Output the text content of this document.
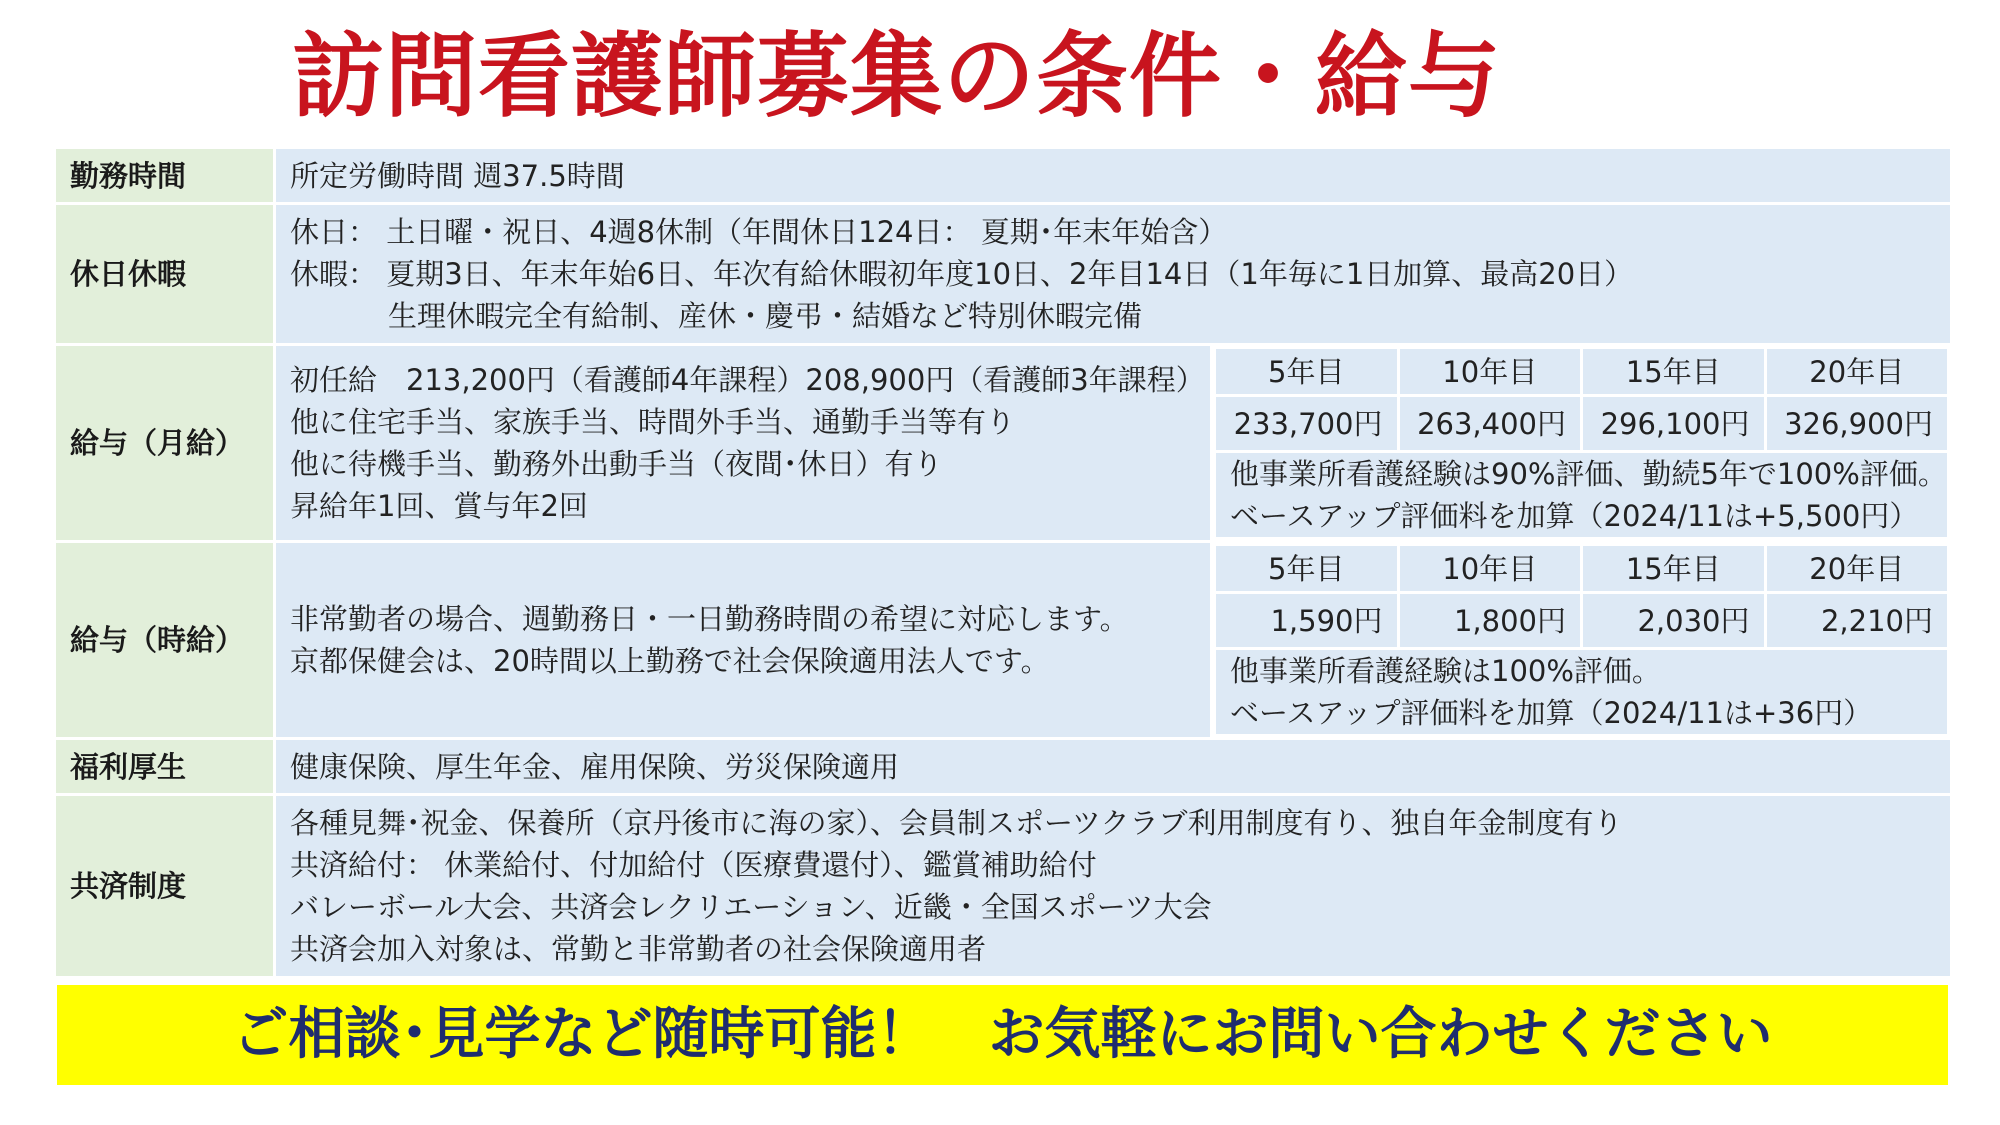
訪問看護師募集の条件・給与
勤務時間	所定労働時間 週37.5時間
休日休暇	
休日： 土日曜・祝日、4週8休制（年間休日124日： 夏期･年末年始含）
休暇： 夏期3日、年末年始6日、年次有給休暇初年度10日、2年目14日（1年毎に1日加算、最高20日）
生理休暇完全有給制、産休・慶弔・結婚など特別休暇完備

給与（月給）	
初任給　213,200円（看護師4年課程）208,900円（看護師3年課程）
他に住宅手当、家族手当、時間外手当、通勤手当等有り
他に待機手当、勤務外出動手当（夜間･休日）有り
昇給年1回、賞与年2回

5年目	10年目	15年目	20年目
233,700円	263,400円	296,100円	326,900円

他事業所看護経験は90%評価、勤続5年で100%評価。
ベースアップ評価料を加算（2024/11は+5,500円）

給与（時給）	
非常勤者の場合、週勤務日・一日勤務時間の希望に対応します。
京都保健会は、20時間以上勤務で社会保険適用法人です。

5年目	10年目	15年目	20年目
1,590円	1,800円	2,030円	2,210円

他事業所看護経験は100%評価。
ベースアップ評価料を加算（2024/11は+36円）

福利厚生	健康保険、厚生年金、雇用保険、労災保険適用
共済制度	
各種見舞･祝金、保養所（京丹後市に海の家）、会員制スポーツクラブ利用制度有り、独自年金制度有り
共済給付： 休業給付、付加給付（医療費還付）、鑑賞補助給付
バレーボール大会、共済会レクリエーション、近畿・全国スポーツ大会
共済会加入対象は、常勤と非常勤者の社会保険適用者
ご相談･見学など随時可能！　お気軽にお問い合わせください
